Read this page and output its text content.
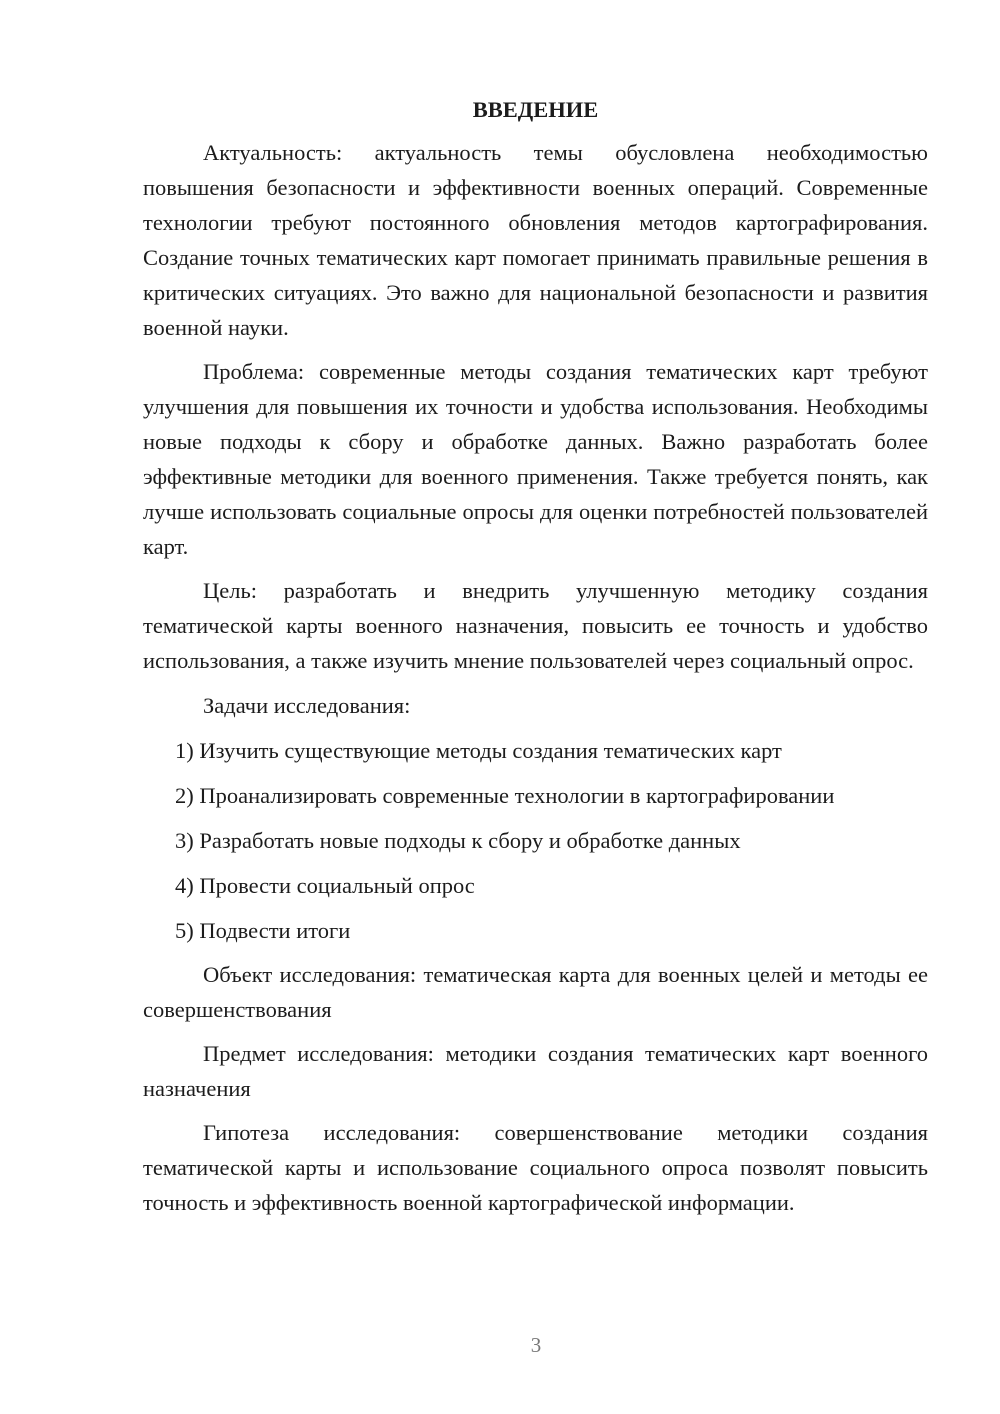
ВВЕДЕНИЕ

Актуальность: актуальность темы обусловлена необходимостью повышения безопасности и эффективности военных операций. Современные технологии требуют постоянного обновления методов картографирования. Создание точных тематических карт помогает принимать правильные решения в критических ситуациях. Это важно для национальной безопасности и развития военной науки.

Проблема: современные методы создания тематических карт требуют улучшения для повышения их точности и удобства использования. Необходимы новые подходы к сбору и обработке данных. Важно разработать более эффективные методики для военного применения. Также требуется понять, как лучше использовать социальные опросы для оценки потребностей пользователей карт.

Цель: разработать и внедрить улучшенную методику создания тематической карты военного назначения, повысить ее точность и удобство использования, а также изучить мнение пользователей через социальный опрос.

Задачи исследования:

1) Изучить существующие методы создания тематических карт
2) Проанализировать современные технологии в картографировании
3) Разработать новые подходы к сбору и обработке данных
4) Провести социальный опрос
5) Подвести итоги

Объект исследования: тематическая карта для военных целей и методы ее совершенствования

Предмет исследования: методики создания тематических карт военного назначения

Гипотеза исследования: совершенствование методики создания тематической карты и использование социального опроса позволят повысить точность и эффективность военной картографической информации.

3
